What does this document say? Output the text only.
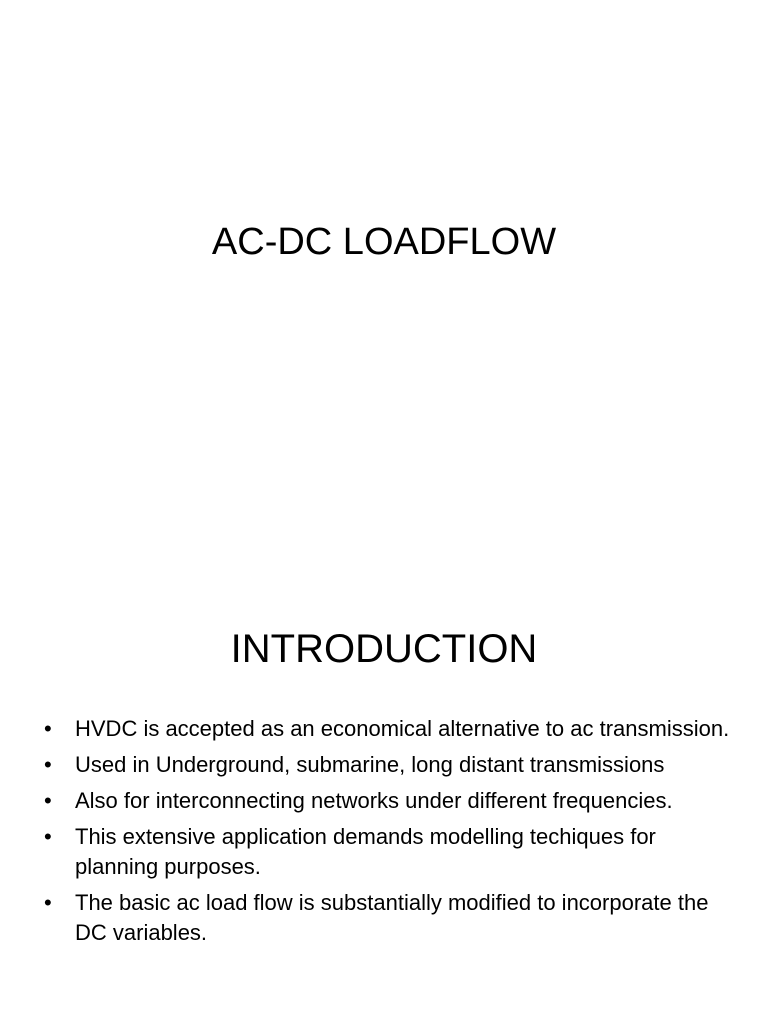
AC-DC LOADFLOW
INTRODUCTION
• HVDC is accepted as an economical alternative to ac transmission.
• Used in Underground, submarine, long distant transmissions
• Also for interconnecting networks under different frequencies.
• This extensive application demands modelling techiques for planning purposes.
• The basic ac load flow is substantially modified to incorporate the DC variables.
